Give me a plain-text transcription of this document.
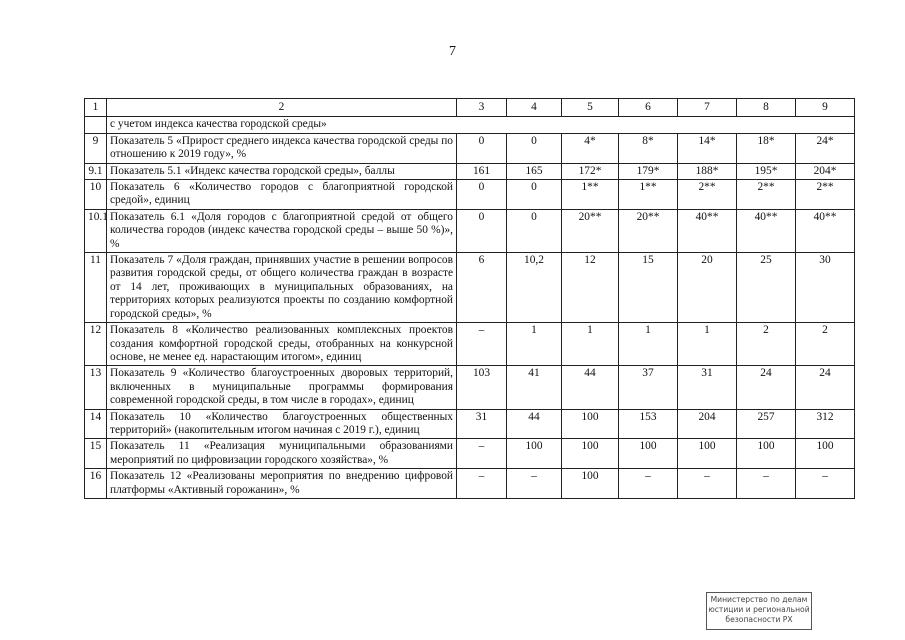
7
1	2	3	4	5	6	7	8	9
	с учетом индекса качества городской среды»							
9	Показатель 5 «Прирост среднего индекса качества городской среды по отношению к 2019 году», %	0	0	4*	8*	14*	18*	24*
9.1	Показатель 5.1 «Индекс качества городской среды», баллы	161	165	172*	179*	188*	195*	204*
10	Показатель 6 «Количество городов с благоприятной городской средой», единиц	0	0	1**	1**	2**	2**	2**
10.1	Показатель 6.1 «Доля городов с благоприятной средой от общего количества городов (индекс качества городской среды – выше 50 %)», %	0	0	20**	20**	40**	40**	40**
11	Показатель 7 «Доля граждан, принявших участие в решении вопросов развития городской среды, от общего количества граждан в возрасте от 14 лет, проживающих в муниципальных образованиях, на территориях которых реализуются проекты по созданию комфортной городской среды», %	6	10,2	12	15	20	25	30
12	Показатель 8 «Количество реализованных комплексных проектов создания комфортной городской среды, отобранных на конкурсной основе, не менее ед. нарастающим итогом», единиц	–	1	1	1	1	2	2
13	Показатель 9 «Количество благоустроенных дворовых территорий, включенных в муниципальные программы формирования современной городской среды, в том числе в городах», единиц	103	41	44	37	31	24	24
14	Показатель 10 «Количество благоустроенных общественных территорий» (накопительным итогом начиная с 2019 г.), единиц	31	44	100	153	204	257	312
15	Показатель 11 «Реализация муниципальными образованиями мероприятий по цифровизации городского хозяйства», %	–	100	100	100	100	100	100
16	Показатель 12 «Реализованы мероприятия по внедрению цифровой платформы «Активный горожанин», %	–	–	100	–	–	–	–
Министерство по делам
юстиции и региональной
безопасности РХ
